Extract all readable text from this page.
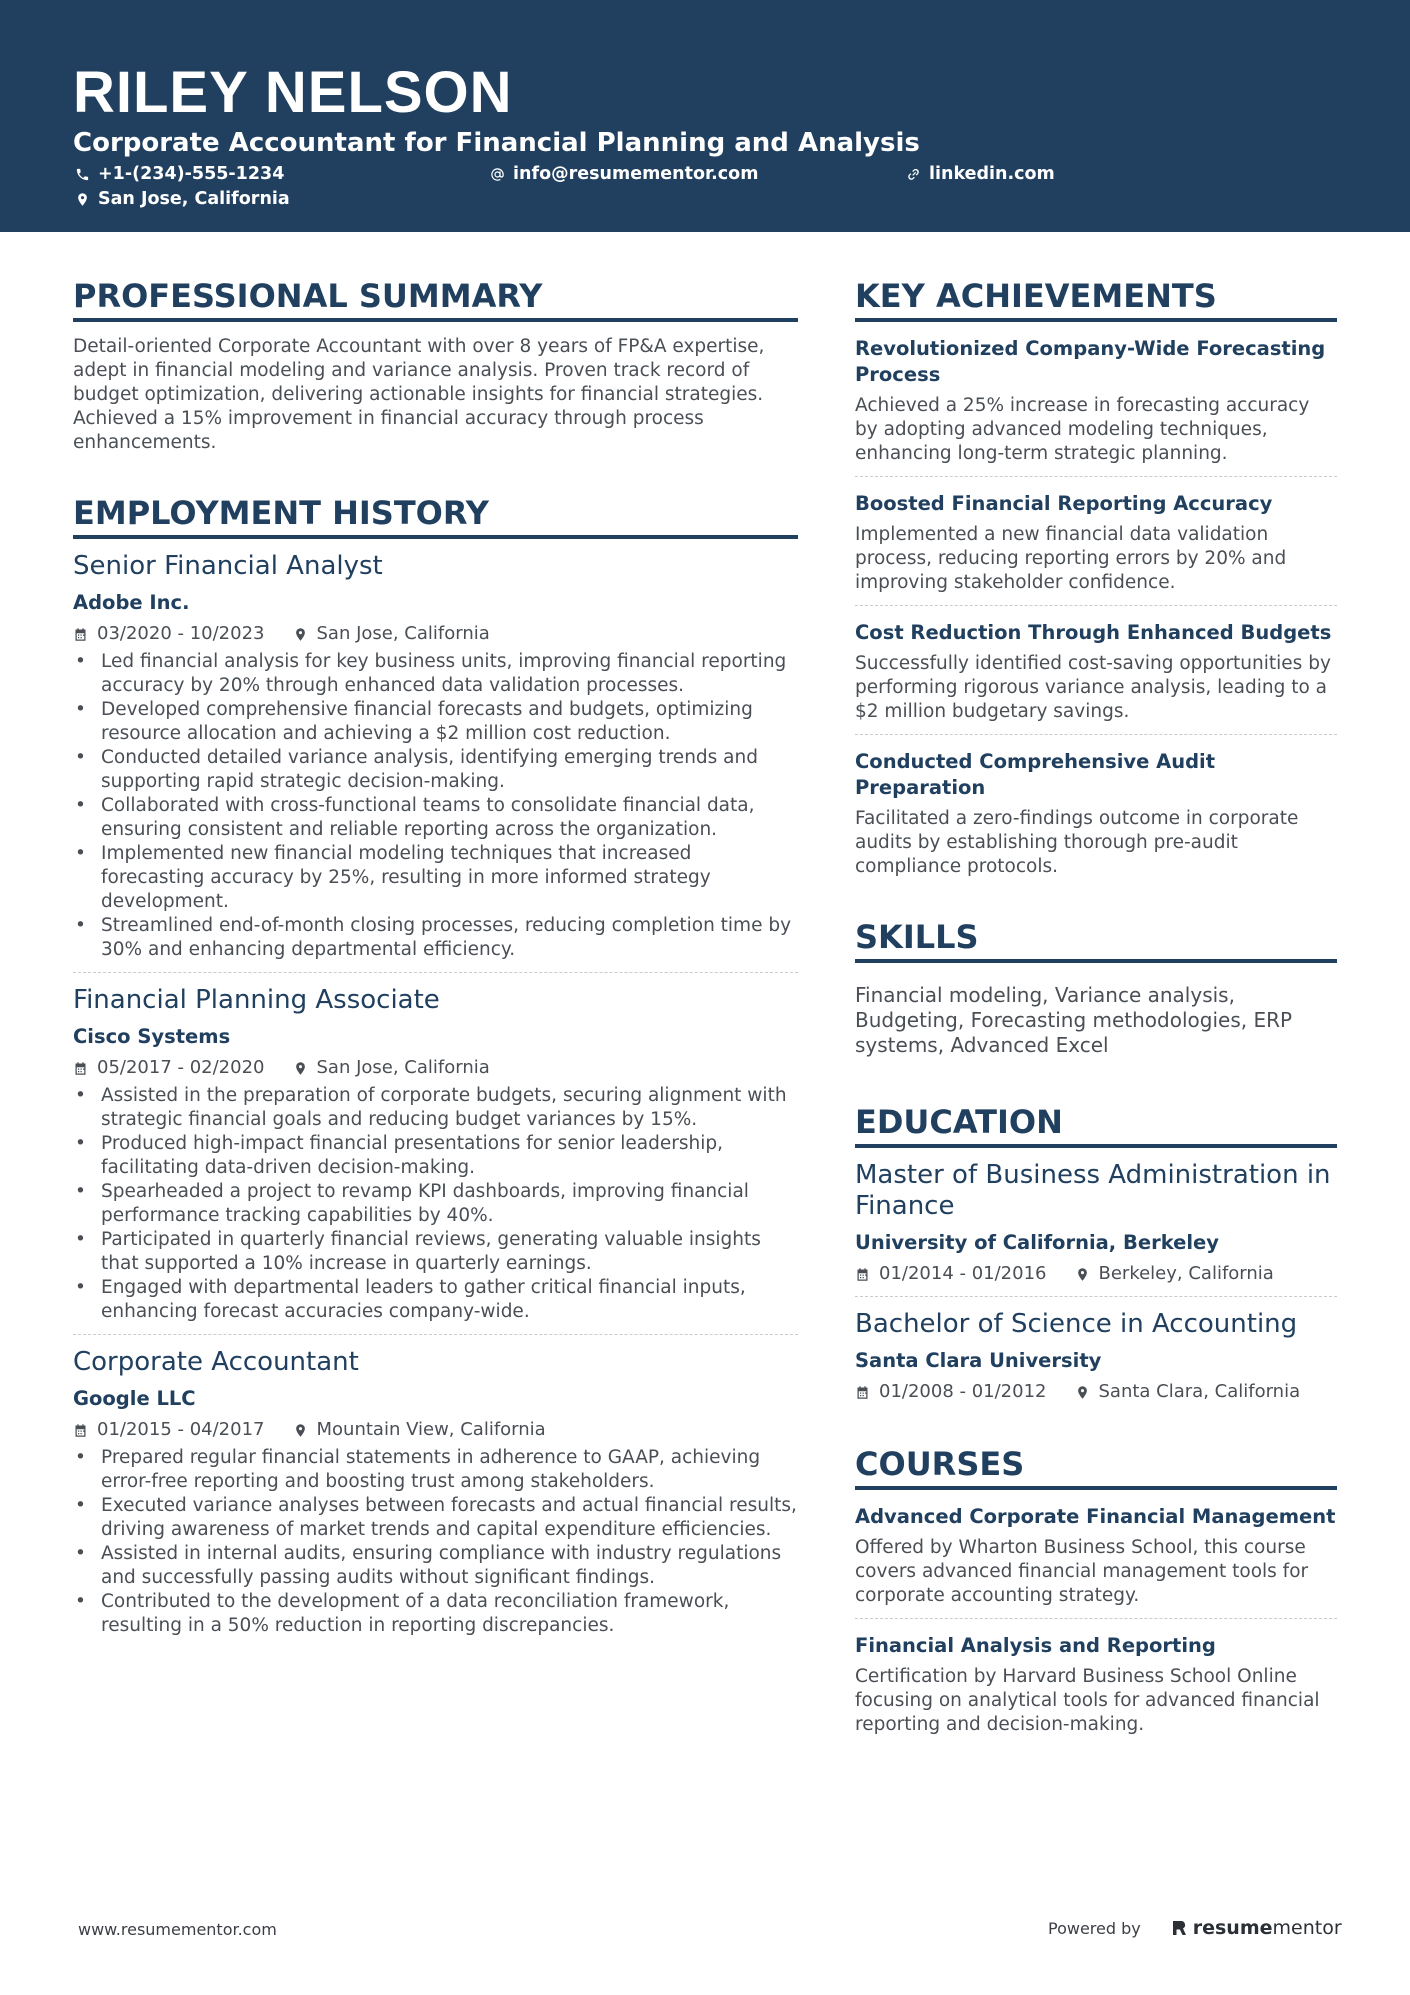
RILEY NELSON
Corporate Accountant for Financial Planning and Analysis
+1-(234)-555-1234	info@resumementor.com	linkedin.com
San Jose, California
PROFESSIONAL SUMMARY

Detail-oriented Corporate Accountant with over 8 years of FP&A expertise, adept in financial modeling and variance analysis. Proven track record of budget optimization, delivering actionable insights for financial strategies. Achieved a 15% improvement in financial accuracy through process enhancements.

EMPLOYMENT HISTORY
Senior Financial Analyst
Adobe Inc.
03/2020 - 10/2023	San Jose, California
• Led financial analysis for key business units, improving financial reporting accuracy by 20% through enhanced data validation processes.
• Developed comprehensive financial forecasts and budgets, optimizing resource allocation and achieving a $2 million cost reduction.
• Conducted detailed variance analysis, identifying emerging trends and supporting rapid strategic decision-making.
• Collaborated with cross-functional teams to consolidate financial data, ensuring consistent and reliable reporting across the organization.
• Implemented new financial modeling techniques that increased forecasting accuracy by 25%, resulting in more informed strategy development.
• Streamlined end-of-month closing processes, reducing completion time by 30% and enhancing departmental efficiency.
Financial Planning Associate
Cisco Systems
05/2017 - 02/2020	San Jose, California
• Assisted in the preparation of corporate budgets, securing alignment with strategic financial goals and reducing budget variances by 15%.
• Produced high-impact financial presentations for senior leadership, facilitating data-driven decision-making.
• Spearheaded a project to revamp KPI dashboards, improving financial performance tracking capabilities by 40%.
• Participated in quarterly financial reviews, generating valuable insights that supported a 10% increase in quarterly earnings.
• Engaged with departmental leaders to gather critical financial inputs, enhancing forecast accuracies company-wide.
Corporate Accountant
Google LLC
01/2015 - 04/2017	Mountain View, California
• Prepared regular financial statements in adherence to GAAP, achieving error-free reporting and boosting trust among stakeholders.
• Executed variance analyses between forecasts and actual financial results, driving awareness of market trends and capital expenditure efficiencies.
• Assisted in internal audits, ensuring compliance with industry regulations and successfully passing audits without significant findings.
• Contributed to the development of a data reconciliation framework, resulting in a 50% reduction in reporting discrepancies.
KEY ACHIEVEMENTS
Revolutionized Company-Wide Forecasting Process
Achieved a 25% increase in forecasting accuracy by adopting advanced modeling techniques, enhancing long-term strategic planning.
Boosted Financial Reporting Accuracy
Implemented a new financial data validation process, reducing reporting errors by 20% and improving stakeholder confidence.
Cost Reduction Through Enhanced Budgets
Successfully identified cost-saving opportunities by performing rigorous variance analysis, leading to a $2 million budgetary savings.
Conducted Comprehensive Audit Preparation
Facilitated a zero-findings outcome in corporate audits by establishing thorough pre-audit compliance protocols.
SKILLS
Financial modeling, Variance analysis, Budgeting, Forecasting methodologies, ERP systems, Advanced Excel
EDUCATION
Master of Business Administration in Finance
University of California, Berkeley
01/2014 - 01/2016	Berkeley, California
Bachelor of Science in Accounting
Santa Clara University
01/2008 - 01/2012	Santa Clara, California
COURSES
Advanced Corporate Financial Management
Offered by Wharton Business School, this course covers advanced financial management tools for corporate accounting strategy.
Financial Analysis and Reporting
Certification by Harvard Business School Online focusing on analytical tools for advanced financial reporting and decision-making.
www.resumementor.com	Powered by	resume mentor
